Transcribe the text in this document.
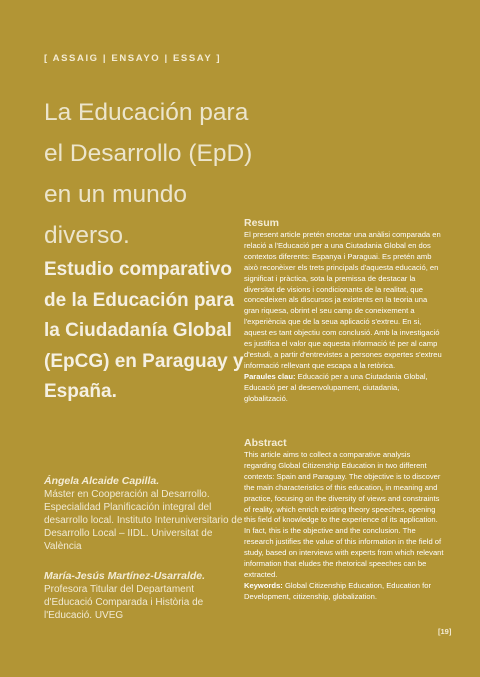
[ ASSAIG | ENSAYO | ESSAY ]
La Educación para el Desarrollo (EpD) en un mundo diverso.
Estudio comparativo de la Educación para la Ciudadanía Global (EpCG) en Paraguay y España.
Ángela Alcaide Capilla.
Máster en Cooperación al Desarrollo. Especialidad Planificación integral del desarrollo local. Instituto Interuniversitario de Desarrollo Local – IIDL. Universitat de València
María-Jesús Martínez-Usarralde.
Profesora Titular del Departament d'Educació Comparada i Història de l'Educació. UVEG
Resum
El present article pretén encetar una anàlisi comparada en relació a l'Educació per a una Ciutadania Global en dos contextos diferents: Espanya i Paraguai. Es pretén amb això reconèixer els trets principals d'aquesta educació, en significat i pràctica, sota la premissa de destacar la diversitat de visions i condicionants de la realitat, que concedeixen als discursos ja existents en la teoria una gran riquesa, obrint el seu camp de coneixement a l'experiència que de la seua aplicació s'extreu. En si, aquest es tant objectiu com conclusió. Amb la investigació es justifica el valor que aquesta informació té per al camp d'estudi, a partir d'entrevistes a persones expertes s'extreu informació rellevant que escapa a la retòrica.
Paraules clau: Educació per a una Ciutadania Global, Educació per al desenvolupament, ciutadania, globalització.
Abstract
This article aims to collect a comparative analysis regarding Global Citizenship Education in two different contexts: Spain and Paraguay. The objective is to discover the main characteristics of this education, in meaning and practice, focusing on the diversity of views and constraints of reality, which enrich existing theory speeches, opening this field of knowledge to the experience of its application. In fact, this is the objective and the conclusion. The research justifies the value of this information in the field of study, based on interviews with experts from which relevant information that eludes the rhetorical speeches can be extracted.
Keywords: Global Citizenship Education, Education for Development, citizenship, globalization.
[19]
